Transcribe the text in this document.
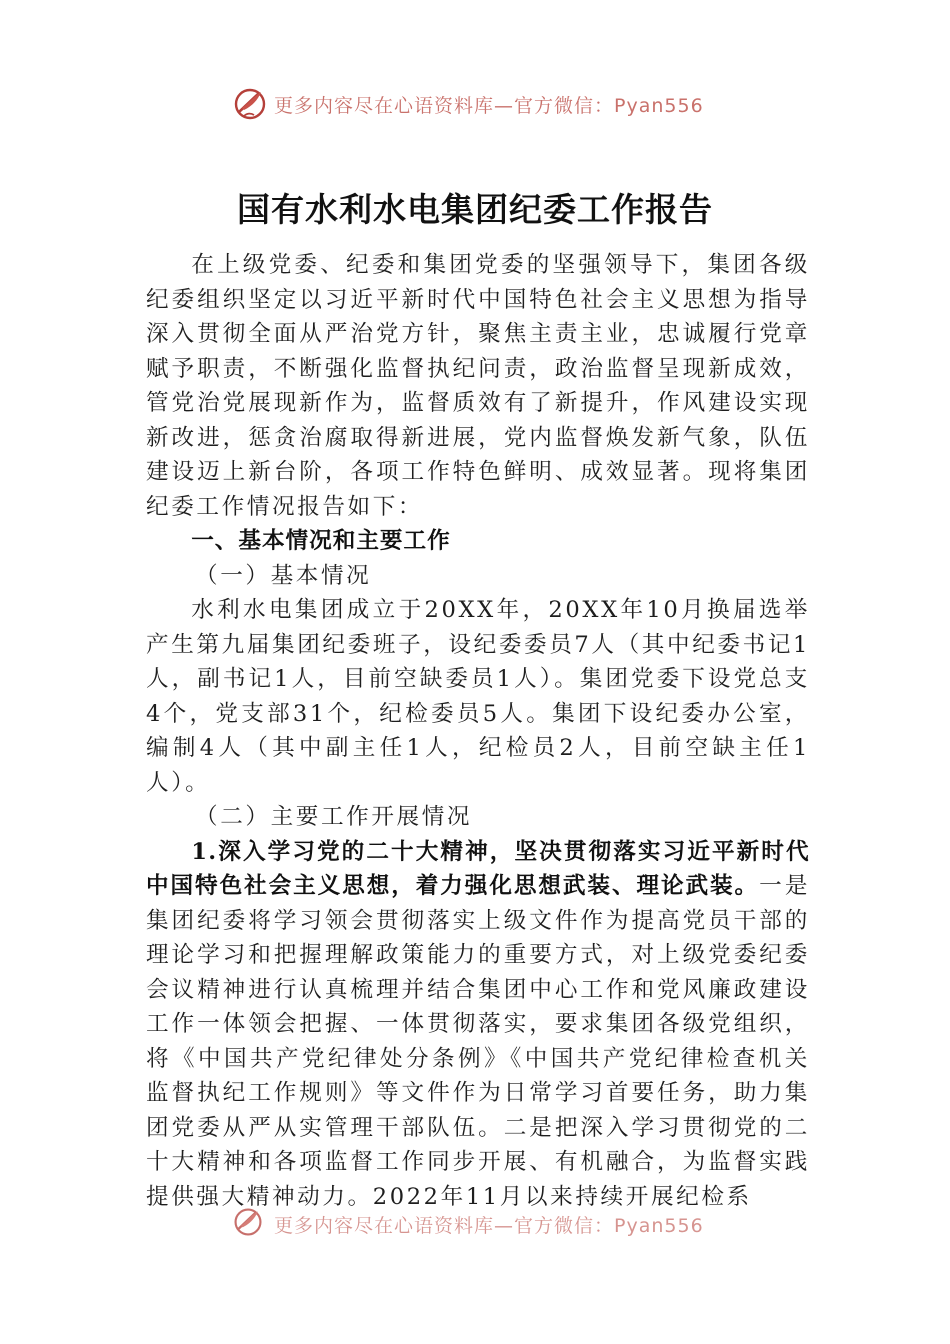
更多内容尽在心语资料库—官方微信：Pyan556
国有水利水电集团纪委工作报告

在上级党委、纪委和集团党委的坚强领导下，集团各级纪委组织坚定以习近平新时代中国特色社会主义思想为指导深入贯彻全面从严治党方针，聚焦主责主业，忠诚履行党章赋予职责，不断强化监督执纪问责，政治监督呈现新成效，管党治党展现新作为，监督质效有了新提升，作风建设实现新改进，惩贪治腐取得新进展，党内监督焕发新气象，队伍建设迈上新台阶，各项工作特色鲜明、成效显著。现将集团纪委工作情况报告如下：

一、基本情况和主要工作

（一）基本情况

水利水电集团成立于20XX年，20XX年10月换届选举产生第九届集团纪委班子，设纪委委员7人（其中纪委书记1人，副书记1人，目前空缺委员1人）。集团党委下设党总支4个，党支部31个，纪检委员5人。集团下设纪委办公室，编制4人（其中副主任1人，纪检员2人，目前空缺主任1人）。

（二）主要工作开展情况

1.深入学习党的二十大精神，坚决贯彻落实习近平新时代中国特色社会主义思想，着力强化思想武装、理论武装。一是集团纪委将学习领会贯彻落实上级文件作为提高党员干部的理论学习和把握理解政策能力的重要方式，对上级党委纪委会议精神进行认真梳理并结合集团中心工作和党风廉政建设工作一体领会把握、一体贯彻落实，要求集团各级党组织，将《中国共产党纪律处分条例》《中国共产党纪律检查机关监督执纪工作规则》等文件作为日常学习首要任务，助力集团党委从严从实管理干部队伍。二是把深入学习贯彻党的二十大精神和各项监督工作同步开展、有机融合，为监督实践提供强大精神动力。2022年11月以来持续开展纪检系

更多内容尽在心语资料库—官方微信：Pyan556
